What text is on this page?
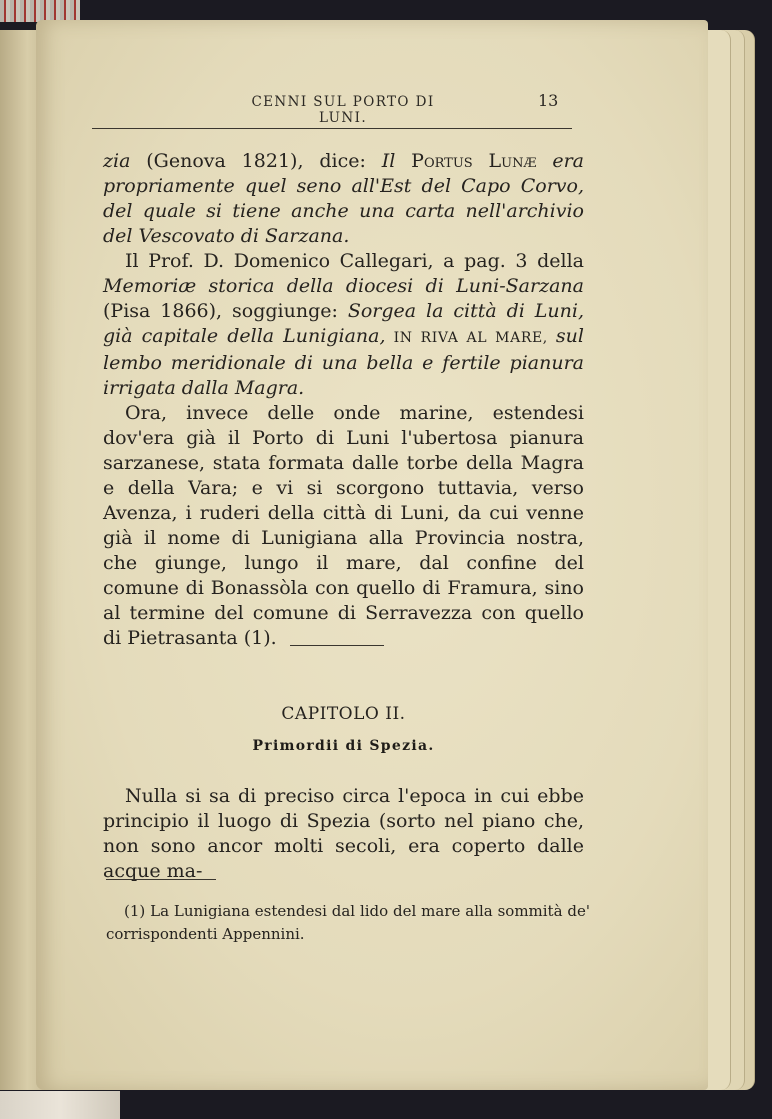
CENNI SUL PORTO DI LUNI.
13

zia (Genova 1821), dice: Il Portus Lunæ era propriamente quel seno all'Est del Capo Corvo, del quale si tiene anche una carta nell'archivio del Vescovato di Sarzana.

Il Prof. D. Domenico Callegari, a pag. 3 della Memoriæ storica della diocesi di Luni-Sarzana (Pisa 1866), soggiunge: Sorgea la città di Luni, già capitale della Lunigiana, IN RIVA AL MARE, sul lembo meridionale di una bella e fertile pianura irrigata dalla Magra.

Ora, invece delle onde marine, estendesi dov'era già il Porto di Luni l'ubertosa pianura sarzanese, stata formata dalle torbe della Magra e della Vara; e vi si scorgono tuttavia, verso Avenza, i ruderi della città di Luni, da cui venne già il nome di Lunigiana alla Provincia nostra, che giunge, lungo il mare, dal confine del comune di Bonassòla con quello di Framura, sino al termine del comune di Serravezza con quello di Pietrasanta (1).

CAPITOLO II.
Primordii di Spezia.

Nulla si sa di preciso circa l'epoca in cui ebbe principio il luogo di Spezia (sorto nel piano che, non sono ancor molti secoli, era coperto dalle acque ma-

(1) La Lunigiana estendesi dal lido del mare alla sommità de' corrispondenti Appennini.
